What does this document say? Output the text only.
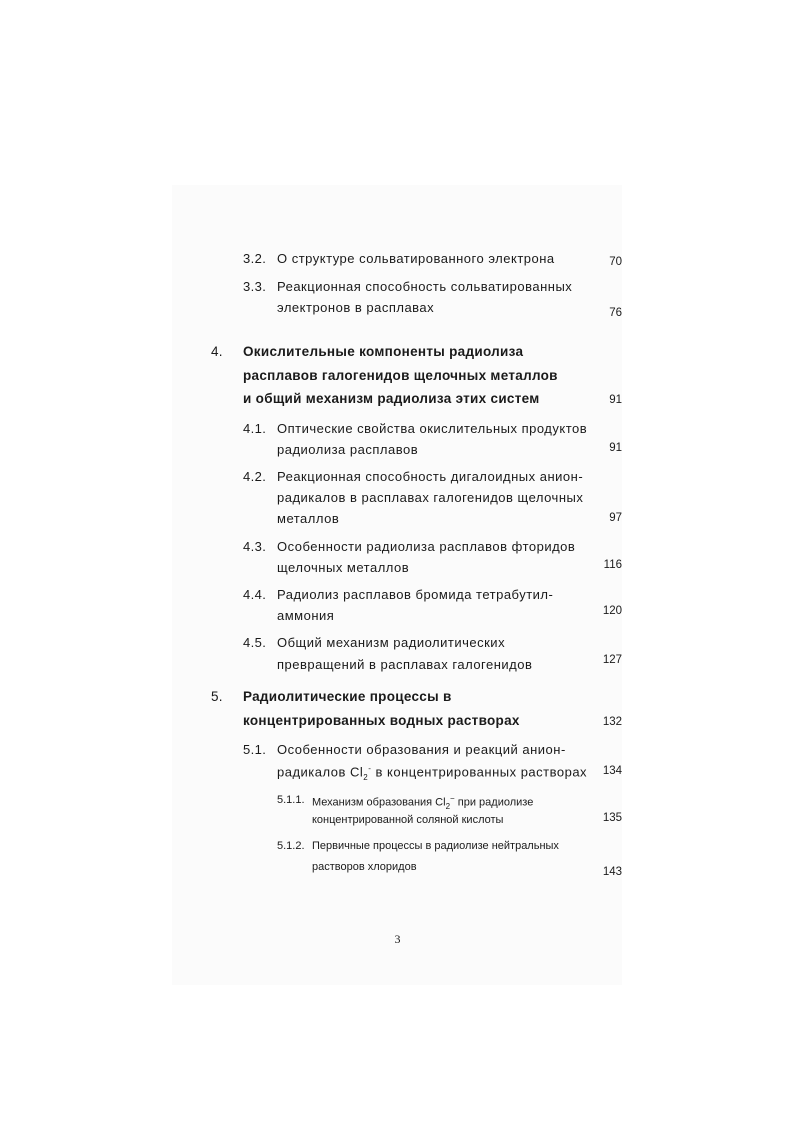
3.2. О структуре сольватированного электрона	70
3.3. Реакционная способность сольватированных
электронов в расплавах	76
4. Окислительные компоненты радиолиза
расплавов галогенидов щелочных металлов
и общий механизм радиолиза этих систем	91
4.1. Оптические свойства окислительных продуктов
радиолиза расплавов	91
4.2. Реакционная способность дигалоидных анион-
радикалов в расплавах галогенидов щелочных
металлов	97
4.3. Особенности радиолиза расплавов фторидов
щелочных металлов	116
4.4. Радиолиз расплавов бромида тетрабутил-
аммония	120
4.5. Общий механизм радиолитических
превращений в расплавах галогенидов	127
5. Радиолитические процессы в
концентрированных водных растворах	132
5.1. Особенности образования и реакций анион-
радикалов $Cl_2^-$ в концентрированных растворах 134
5.1.1. Механизм образования $Cl_2^-$ при радиолизе
концентрированной соляной кислоты	135
5.1.2. Первичные процессы в радиолизе нейтральных
растворов хлоридов	143
3
